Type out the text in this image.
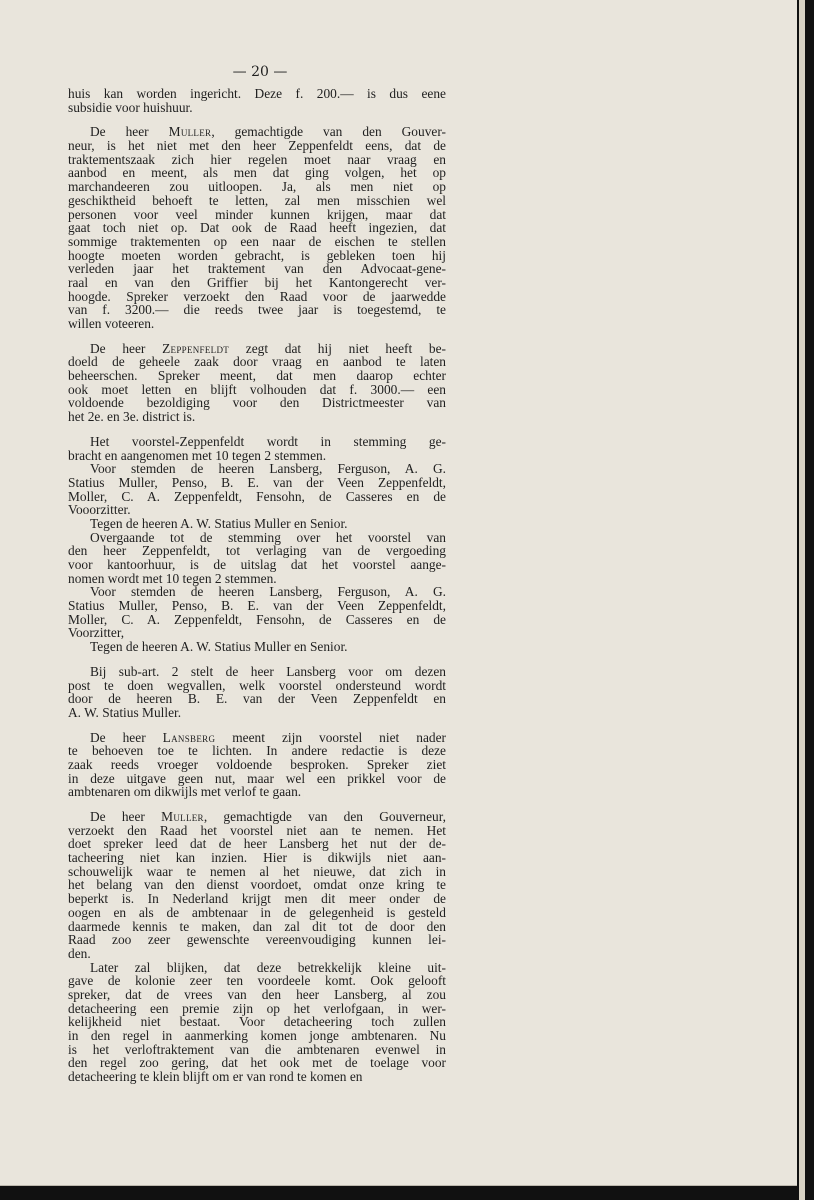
— 20 —
huis kan worden ingericht. Deze f. 200.— is dus eene
subsidie voor huishuur.
De heer Muller, gemachtigde van den Gouver-
neur, is het niet met den heer Zeppenfeldt eens, dat de
traktementszaak zich hier regelen moet naar vraag en
aanbod en meent, als men dat ging volgen, het op
marchandeeren zou uitloopen. Ja, als men niet op
geschiktheid behoeft te letten, zal men misschien wel
personen voor veel minder kunnen krijgen, maar dat
gaat toch niet op. Dat ook de Raad heeft ingezien, dat
sommige traktementen op een naar de eischen te stellen
hoogte moeten worden gebracht, is gebleken toen hij
verleden jaar het traktement van den Advocaat-gene-
raal en van den Griffier bij het Kantongerecht ver-
hoogde. Spreker verzoekt den Raad voor de jaarwedde
van f. 3200.— die reeds twee jaar is toegestemd, te
willen voteeren.
De heer Zeppenfeldt zegt dat hij niet heeft be-
doeld de geheele zaak door vraag en aanbod te laten
beheerschen. Spreker meent, dat men daarop echter
ook moet letten en blijft volhouden dat f. 3000.— een
voldoende bezoldiging voor den Districtmeester van
het 2e. en 3e. district is.
Het voorstel-Zeppenfeldt wordt in stemming ge-
bracht en aangenomen met 10 tegen 2 stemmen.
Voor stemden de heeren Lansberg, Ferguson, A. G.
Statius Muller, Penso, B. E. van der Veen Zeppenfeldt,
Moller, C. A. Zeppenfeldt, Fensohn, de Casseres en de
Vooorzitter.
Tegen de heeren A. W. Statius Muller en Senior.
Overgaande tot de stemming over het voorstel van
den heer Zeppenfeldt, tot verlaging van de vergoeding
voor kantoorhuur, is de uitslag dat het voorstel aange-
nomen wordt met 10 tegen 2 stemmen.
Voor stemden de heeren Lansberg, Ferguson, A. G.
Statius Muller, Penso, B. E. van der Veen Zeppenfeldt,
Moller, C. A. Zeppenfeldt, Fensohn, de Casseres en de
Voorzitter,
Tegen de heeren A. W. Statius Muller en Senior.
Bij sub-art. 2 stelt de heer Lansberg voor om dezen
post te doen wegvallen, welk voorstel ondersteund wordt
door de heeren B. E. van der Veen Zeppenfeldt en
A. W. Statius Muller.
De heer Lansberg meent zijn voorstel niet nader
te behoeven toe te lichten. In andere redactie is deze
zaak reeds vroeger voldoende besproken. Spreker ziet
in deze uitgave geen nut, maar wel een prikkel voor de
ambtenaren om dikwijls met verlof te gaan.
De heer Muller, gemachtigde van den Gouverneur,
verzoekt den Raad het voorstel niet aan te nemen. Het
doet spreker leed dat de heer Lansberg het nut der de-
tacheering niet kan inzien. Hier is dikwijls niet aan-
schouwelijk waar te nemen al het nieuwe, dat zich in
het belang van den dienst voordoet, omdat onze kring te
beperkt is. In Nederland krijgt men dit meer onder de
oogen en als de ambtenaar in de gelegenheid is gesteld
daarmede kennis te maken, dan zal dit tot de door den
Raad zoo zeer gewenschte vereenvoudiging kunnen lei-
den.
Later zal blijken, dat deze betrekkelijk kleine uit-
gave de kolonie zeer ten voordeele komt. Ook gelooft
spreker, dat de vrees van den heer Lansberg, al zou
detacheering een premie zijn op het verlofgaan, in wer-
kelijkheid niet bestaat. Voor detacheering toch zullen
in den regel in aanmerking komen jonge ambtenaren. Nu
is het verloftraktement van die ambtenaren evenwel in
den regel zoo gering, dat het ook met de toelage voor
detacheering te klein blijft om er van rond te komen en
